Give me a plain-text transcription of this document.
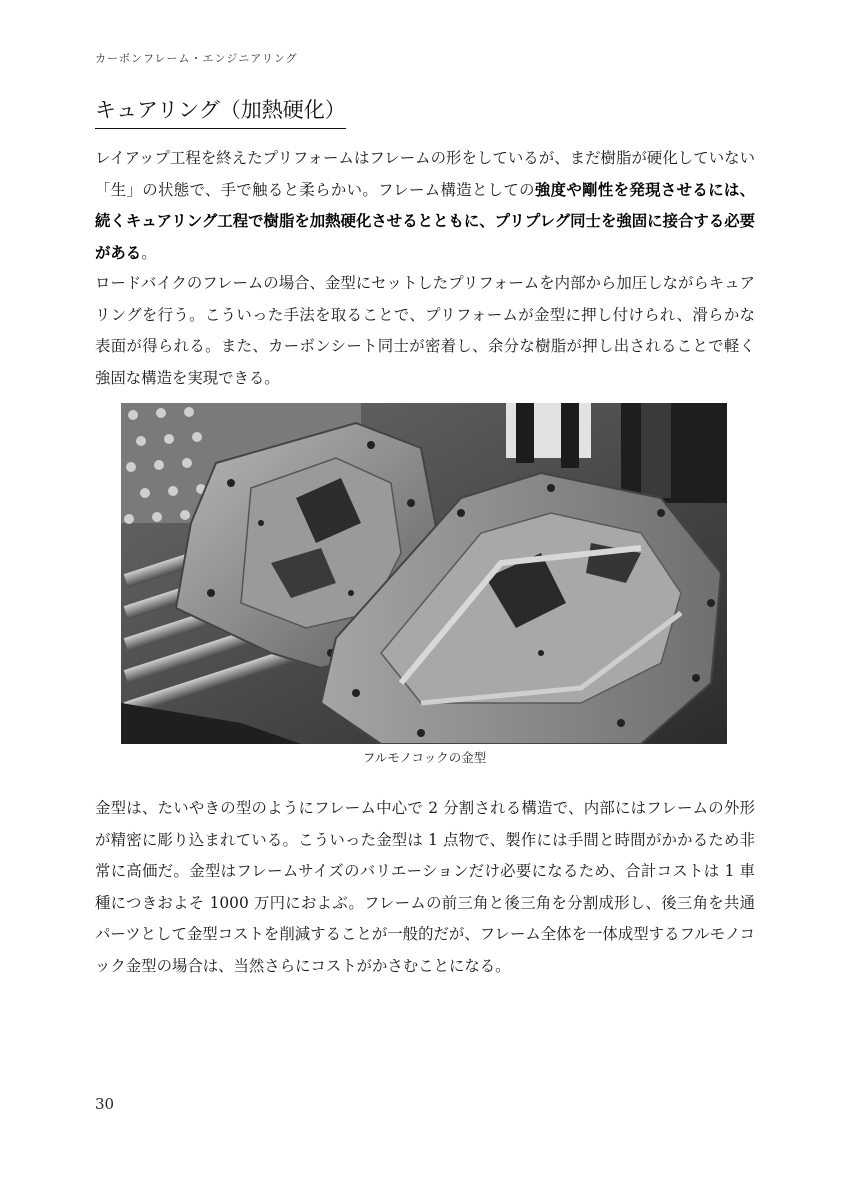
カーボンフレーム・エンジニアリング
キュアリング（加熱硬化）

レイアップ工程を終えたプリフォームはフレームの形をしているが、まだ樹脂が硬化していない「生」の状態で、手で触ると柔らかい。フレーム構造としての強度や剛性を発現させるには、続くキュアリング工程で樹脂を加熱硬化させるとともに、プリプレグ同士を強固に接合する必要がある。

ロードバイクのフレームの場合、金型にセットしたプリフォームを内部から加圧しながらキュアリングを行う。こういった手法を取ることで、プリフォームが金型に押し付けられ、滑らかな表面が得られる。また、カーボンシート同士が密着し、余分な樹脂が押し出されることで軽く強固な構造を実現できる。

フルモノコックの金型

金型は、たいやきの型のようにフレーム中心で 2 分割される構造で、内部にはフレームの外形が精密に彫り込まれている。こういった金型は 1 点物で、製作には手間と時間がかかるため非常に高価だ。金型はフレームサイズのバリエーションだけ必要になるため、合計コストは 1 車種につきおよそ 1000 万円におよぶ。フレームの前三角と後三角を分割成形し、後三角を共通パーツとして金型コストを削減することが一般的だが、フレーム全体を一体成型するフルモノコック金型の場合は、当然さらにコストがかさむことになる。

30
